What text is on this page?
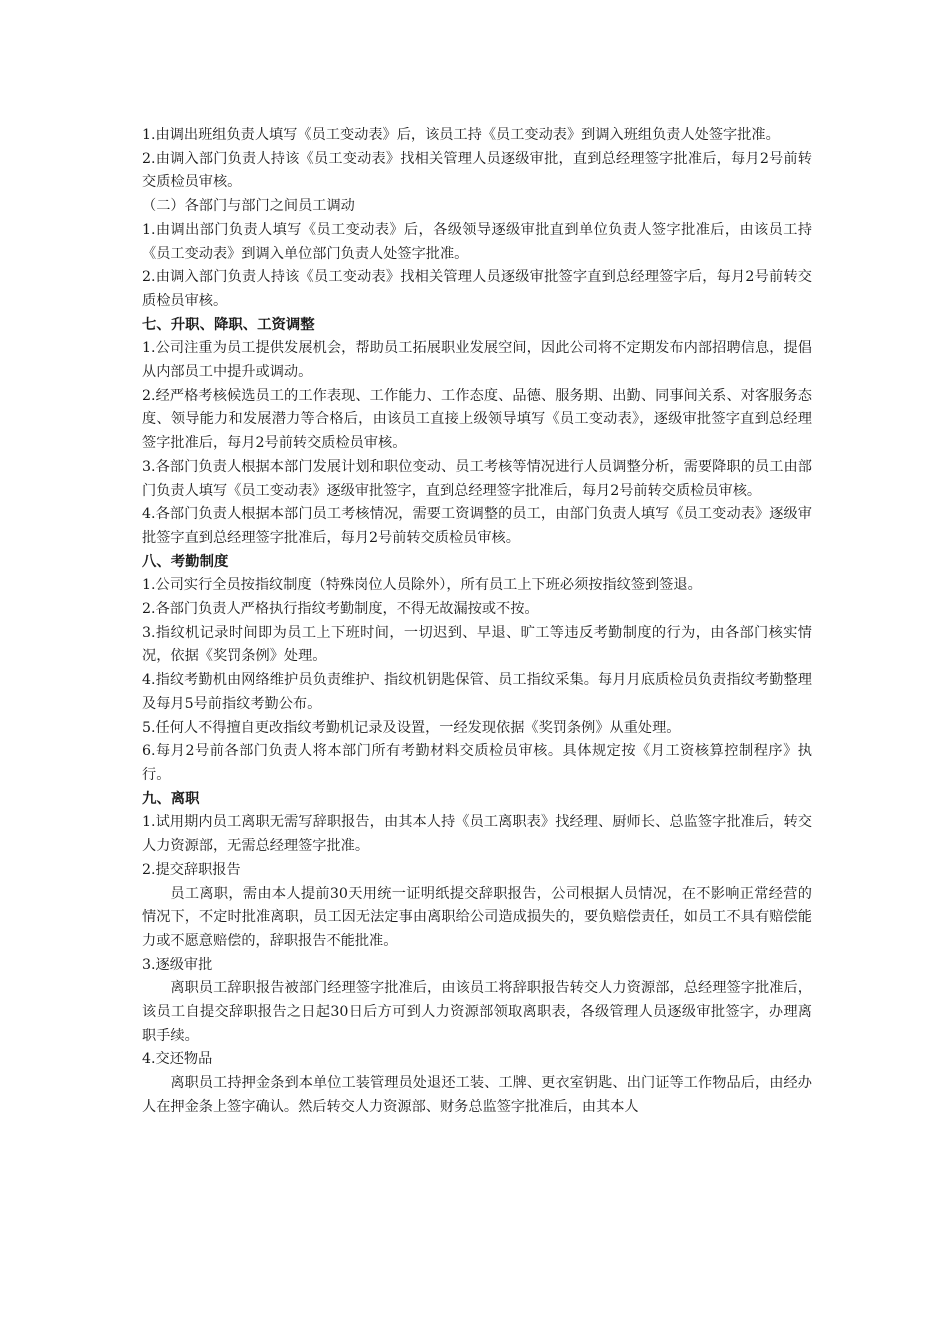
1.由调出班组负责人填写《员工变动表》后，该员工持《员工变动表》到调入班组负责人处签字批准。

2.由调入部门负责人持该《员工变动表》找相关管理人员逐级审批，直到总经理签字批准后，每月2号前转交质检员审核。

（二）各部门与部门之间员工调动

1.由调出部门负责人填写《员工变动表》后，各级领导逐级审批直到单位负责人签字批准后，由该员工持《员工变动表》到调入单位部门负责人处签字批准。

2.由调入部门负责人持该《员工变动表》找相关管理人员逐级审批签字直到总经理签字后，每月2号前转交质检员审核。

七、升职、降职、工资调整

1.公司注重为员工提供发展机会，帮助员工拓展职业发展空间，因此公司将不定期发布内部招聘信息，提倡从内部员工中提升或调动。

2.经严格考核候选员工的工作表现、工作能力、工作态度、品德、服务期、出勤、同事间关系、对客服务态度、领导能力和发展潜力等合格后，由该员工直接上级领导填写《员工变动表》，逐级审批签字直到总经理签字批准后，每月2号前转交质检员审核。

3.各部门负责人根据本部门发展计划和职位变动、员工考核等情况进行人员调整分析，需要降职的员工由部门负责人填写《员工变动表》逐级审批签字，直到总经理签字批准后，每月2号前转交质检员审核。

4.各部门负责人根据本部门员工考核情况，需要工资调整的员工，由部门负责人填写《员工变动表》逐级审批签字直到总经理签字批准后，每月2号前转交质检员审核。

八、考勤制度

1.公司实行全员按指纹制度（特殊岗位人员除外），所有员工上下班必须按指纹签到签退。

2.各部门负责人严格执行指纹考勤制度，不得无故漏按或不按。

3.指纹机记录时间即为员工上下班时间，一切迟到、早退、旷工等违反考勤制度的行为，由各部门核实情况，依据《奖罚条例》处理。

4.指纹考勤机由网络维护员负责维护、指纹机钥匙保管、员工指纹采集。每月月底质检员负责指纹考勤整理及每月5号前指纹考勤公布。

5.任何人不得擅自更改指纹考勤机记录及设置，一经发现依据《奖罚条例》从重处理。

6.每月2号前各部门负责人将本部门所有考勤材料交质检员审核。具体规定按《月工资核算控制程序》执行。

九、离职

1.试用期内员工离职无需写辞职报告，由其本人持《员工离职表》找经理、厨师长、总监签字批准后，转交人力资源部，无需总经理签字批准。

2.提交辞职报告

员工离职，需由本人提前30天用统一证明纸提交辞职报告，公司根据人员情况，在不影响正常经营的情况下，不定时批准离职，员工因无法定事由离职给公司造成损失的，要负赔偿责任，如员工不具有赔偿能力或不愿意赔偿的，辞职报告不能批准。

3.逐级审批

离职员工辞职报告被部门经理签字批准后，由该员工将辞职报告转交人力资源部，总经理签字批准后，该员工自提交辞职报告之日起30日后方可到人力资源部领取离职表，各级管理人员逐级审批签字，办理离职手续。

4.交还物品

离职员工持押金条到本单位工装管理员处退还工装、工牌、更衣室钥匙、出门证等工作物品后，由经办人在押金条上签字确认。然后转交人力资源部、财务总监签字批准后，由其本人
